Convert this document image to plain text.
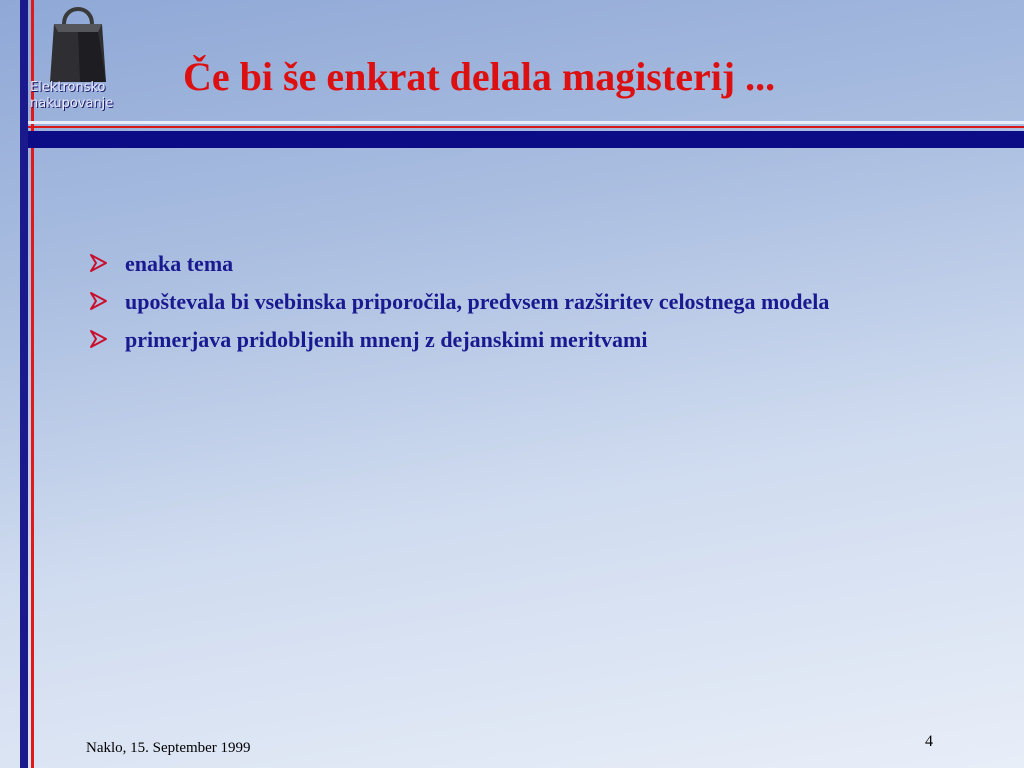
Elektronsko
nakupovanje
Če bi še enkrat delala magisterij ...
enaka tema
upoštevala bi vsebinska priporočila, predvsem razširitev celostnega modela
primerjava pridobljenih mnenj z dejanskimi meritvami
Naklo, 15. September 1999	4
